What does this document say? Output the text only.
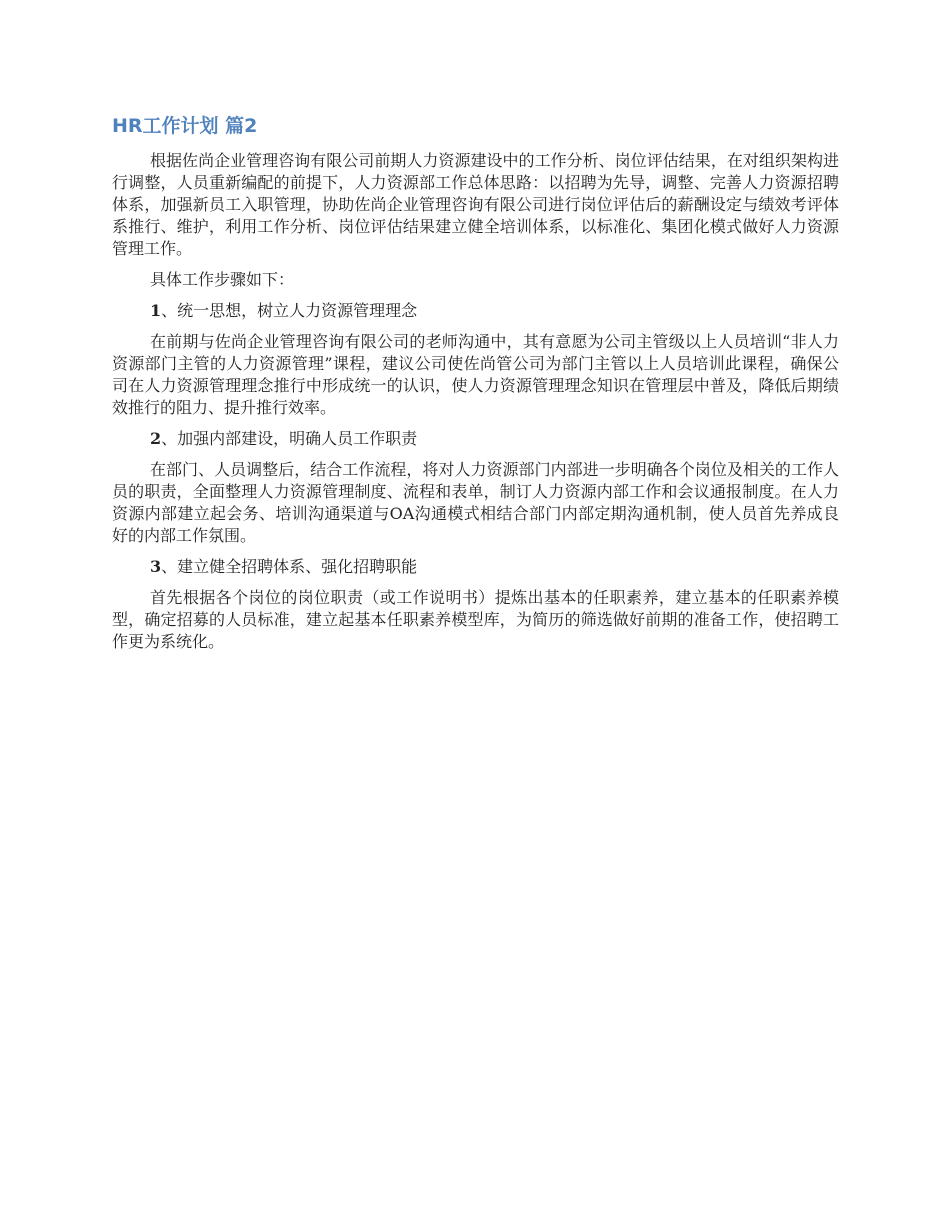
HR工作计划 篇2

根据佐尚企业管理咨询有限公司前期人力资源建设中的工作分析、岗位评估结果，在对组织架构进行调整，人员重新编配的前提下，人力资源部工作总体思路：以招聘为先导，调整、完善人力资源招聘体系，加强新员工入职管理，协助佐尚企业管理咨询有限公司进行岗位评估后的薪酬设定与绩效考评体系推行、维护，利用工作分析、岗位评估结果建立健全培训体系，以标准化、集团化模式做好人力资源管理工作。

具体工作步骤如下：

1、统一思想，树立人力资源管理理念

在前期与佐尚企业管理咨询有限公司的老师沟通中，其有意愿为公司主管级以上人员培训“非人力资源部门主管的人力资源管理”课程，建议公司使佐尚管公司为部门主管以上人员培训此课程，确保公司在人力资源管理理念推行中形成统一的认识，使人力资源管理理念知识在管理层中普及，降低后期绩效推行的阻力、提升推行效率。

2、加强内部建设，明确人员工作职责

在部门、人员调整后，结合工作流程，将对人力资源部门内部进一步明确各个岗位及相关的工作人员的职责，全面整理人力资源管理制度、流程和表单，制订人力资源内部工作和会议通报制度。在人力资源内部建立起会务、培训沟通渠道与OA沟通模式相结合部门内部定期沟通机制，使人员首先养成良好的内部工作氛围。

3、建立健全招聘体系、强化招聘职能

首先根据各个岗位的岗位职责（或工作说明书）提炼出基本的任职素养，建立基本的任职素养模型，确定招募的人员标准，建立起基本任职素养模型库，为简历的筛选做好前期的准备工作，使招聘工作更为系统化。
